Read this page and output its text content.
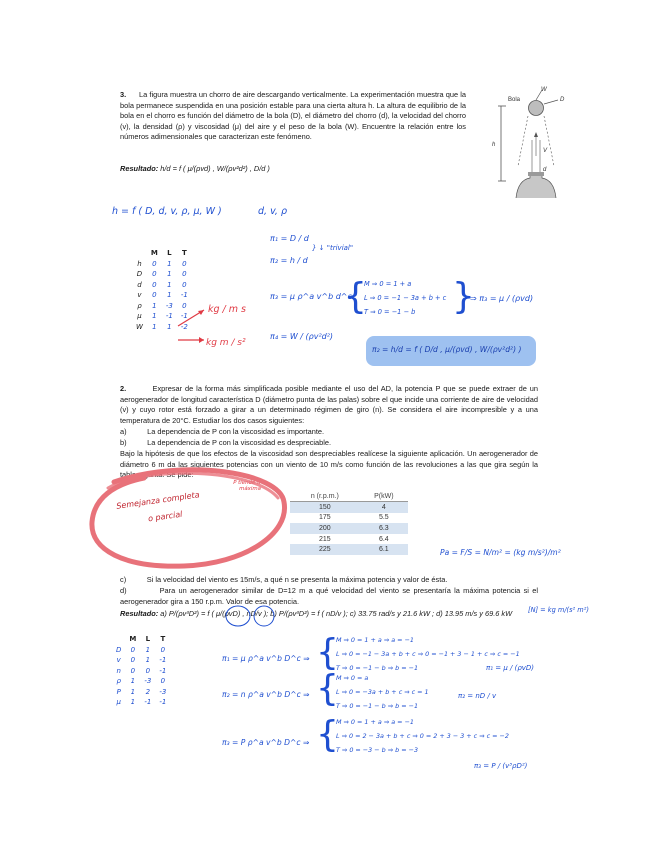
3. La figura muestra un chorro de aire descargando verticalmente. La experimentación muestra que la bola permanece suspendida en una posición estable para una cierta altura h. La altura de equilibrio de la bola en el chorro es función del diámetro de la bola (D), el diámetro del chorro (d), la velocidad del chorro (v), la densidad (ρ) y viscosidad (μ) del aire y el peso de la bola (W). Encuentre la relación entre los números adimensionales que caracterizan este fenómeno.
Resultado: h/d = f ( μ/(ρvd) , W/(ρv²d²) , D/d )
Bola
W
D
h
V
d
h = f ( D, d, v, ρ, μ, W )	d, v, ρ
	M	L	T
h	0	1	0
D	0	1	0
d	0	1	0
v	0	1	-1
ρ	1	-3	0
μ	1	-1	-1
W	1	1	-2
kg / m s
kg m / s²
π₁ = D / d
π₂ = h / d
} ↓ "trivial"
π₃ = μ ρ^a v^b d^c
{
M ⇒ 0 = 1 + a
L ⇒ 0 = −1 − 3a + b + c
T ⇒ 0 = −1 − b }
⇒ π₃ = μ / (ρvd)
π₄ = W / (ρv²d²)
π₂ = h/d = f ( D/d , μ/(ρvd) , W/(ρv²d²) )
2.	Expresar de la forma más simplificada posible mediante el uso del AD, la potencia P que se puede extraer de un aerogenerador de longitud característica D (diámetro punta de las palas) sobre el que incide una corriente de aire de velocidad (v) y cuyo rotor está forzado a girar a un determinado régimen de giro (n). Se considera el aire incompresible y a una temperatura de 20°C. Estudiar los dos casos siguientes:
a)	La dependencia de P con la viscosidad es importante.
b)	La dependencia de P con la viscosidad es despreciable.
Bajo la hipótesis de que los efectos de la viscosidad son despreciables realícese la siguiente aplicación. Un aerogenerador de diámetro 6 m da las siguientes potencias con un viento de 10 m/s como función de las revoluciones a las que gira según la tabla adjunta. Se pide:
P tiende a la máxima
Semejanza completa
o parcial
n (r.p.m.)	P(kW)
150	4
175	5.5
200	6.3
215	6.4
225	6.1	Pa = F/S = N/m² = (kg m/s²)/m²
c)	Si la velocidad del viento es 15m/s, a qué n se presenta la máxima potencia y valor de ésta.
d)	Para un aerogenerador similar de D=12 m a qué velocidad del viento se presentaría la máxima potencia si el aerogenerador gira a 150 r.p.m. Valor de esa potencia.
Resultado: a) P/(ρv³D²) = f ( μ/(ρvD) , nD/v ); b) P/(ρv³D²) = f ( nD/v ); c) 33.75 rad/s y 21.6 kW ; d) 13.95 m/s y 69.6 kW	[N] = kg m/(s² m²)
	M	L	T
D	0	1	0
v	0	1	-1
n	0	0	-1
ρ	1	-3	0
P	1	2	-3
μ	1	-1	-1
π₁ = μ ρ^a v^b D^c ⇒ {
M ⇒ 0 = 1 + a ⇒ a = −1
L ⇒ 0 = −1 − 3a + b + c ⇒ 0 = −1 + 3 − 1 + c ⇒ c = −1
T ⇒ 0 = −1 − b ⇒ b = −1	π₁ = μ / (ρvD)
π₂ = n ρ^a v^b D^c ⇒ {
M ⇒ 0 = a
L ⇒ 0 = −3a + b + c ⇒ c = 1
T ⇒ 0 = −1 − b ⇒ b = −1
π₂ = nD / v
π₃ = P ρ^a v^b D^c ⇒ {
M ⇒ 0 = 1 + a ⇒ a = −1
L ⇒ 0 = 2 − 3a + b + c ⇒ 0 = 2 + 3 − 3 + c ⇒ c = −2
T ⇒ 0 = −3 − b ⇒ b = −3
π₃ = P / (v³ρD²)
